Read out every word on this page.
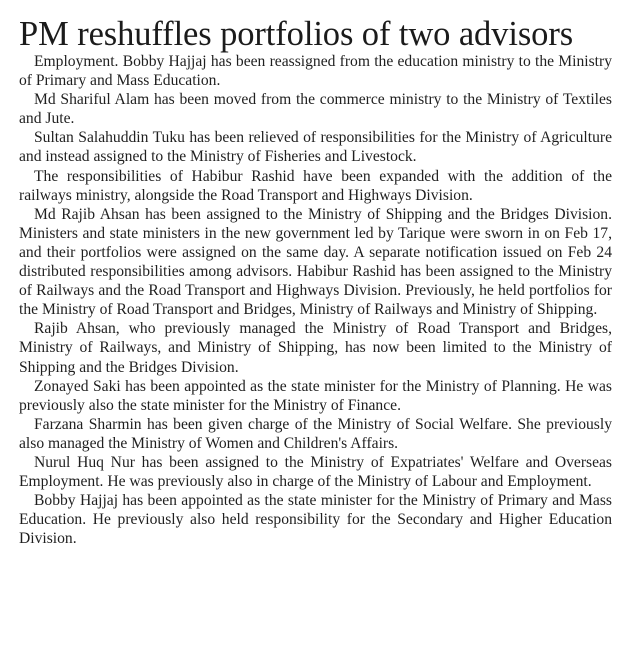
PM reshuffles portfolios of two advisors

Employment. Bobby Hajjaj has been reassigned from the education ministry to the Ministry of Primary and Mass Education.

Md Shariful Alam has been moved from the commerce ministry to the Ministry of Textiles and Jute.

Sultan Salahuddin Tuku has been relieved of responsibilities for the Ministry of Agriculture and instead assigned to the Ministry of Fisheries and Livestock.

The responsibilities of Habibur Rashid have been expanded with the addition of the railways ministry, alongside the Road Transport and Highways Division.

Md Rajib Ahsan has been assigned to the Ministry of Shipping and the Bridges Division. Ministers and state ministers in the new government led by Tarique were sworn in on Feb 17, and their portfolios were assigned on the same day. A separate notification issued on Feb 24 distributed responsibilities among advisors. Habibur Rashid has been assigned to the Ministry of Railways and the Road Transport and Highways Division. Previously, he held portfolios for the Ministry of Road Transport and Bridges, Ministry of Railways and Ministry of Shipping.

Rajib Ahsan, who previously managed the Ministry of Road Transport and Bridges, Ministry of Railways, and Ministry of Shipping, has now been limited to the Ministry of Shipping and the Bridges Division.

Zonayed Saki has been appointed as the state minister for the Ministry of Planning. He was previously also the state minister for the Ministry of Finance.

Farzana Sharmin has been given charge of the Ministry of Social Welfare. She previously also managed the Ministry of Women and Children's Affairs.

Nurul Huq Nur has been assigned to the Ministry of Expatriates' Welfare and Overseas Employment. He was previously also in charge of the Ministry of Labour and Employment.

Bobby Hajjaj has been appointed as the state minister for the Ministry of Primary and Mass Education. He previously also held responsibility for the Secondary and Higher Education Division.
